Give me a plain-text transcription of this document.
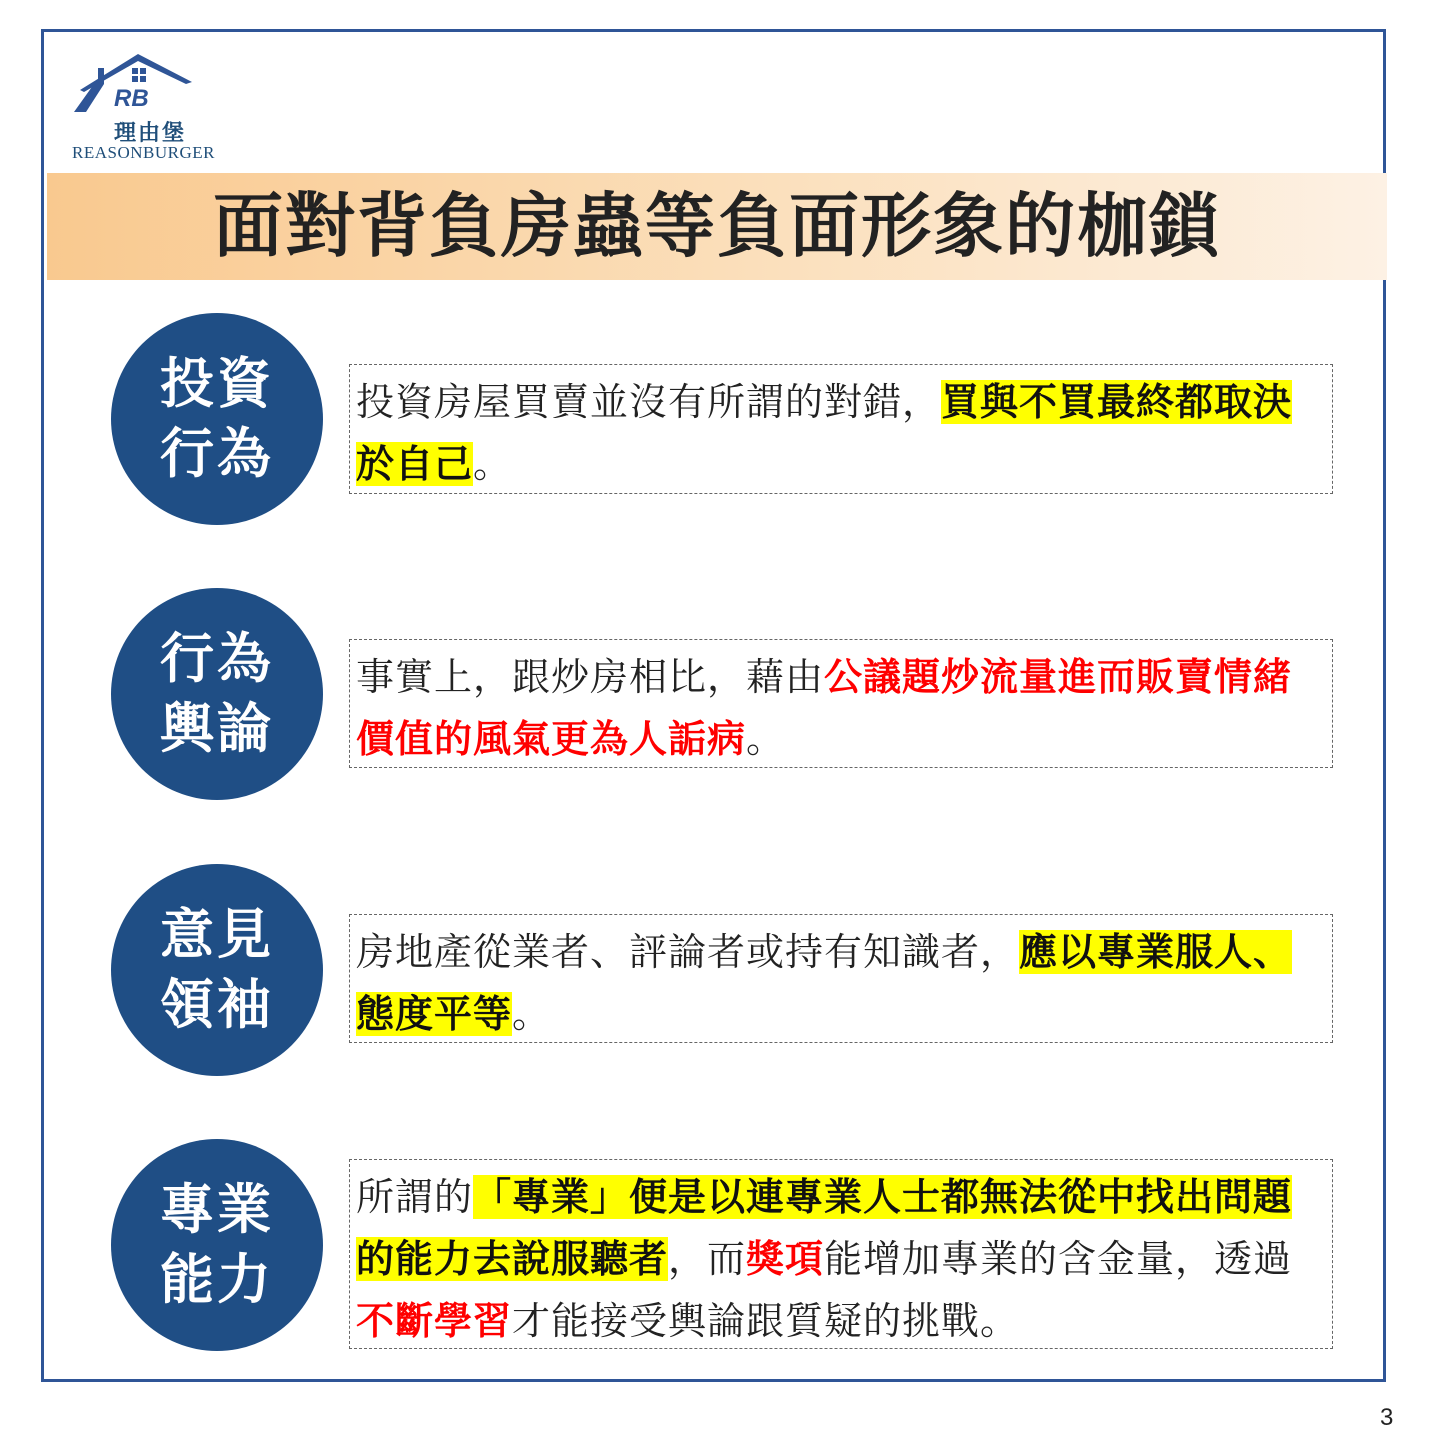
RB
理由堡
REASONBURGER
面對背負房蟲等負面形象的枷鎖
投資
行為
投資房屋買賣並沒有所謂的對錯，買與不買最終都取決於自己。
行為
輿論
事實上，跟炒房相比，藉由公議題炒流量進而販賣情緒價值的風氣更為人詬病。
意見
領袖
房地產從業者、評論者或持有知識者，應以專業服人、態度平等。
專業
能力
所謂的「專業」便是以連專業人士都無法從中找出問題的能力去說服聽者，而獎項能增加專業的含金量，透過不斷學習才能接受輿論跟質疑的挑戰。
3
